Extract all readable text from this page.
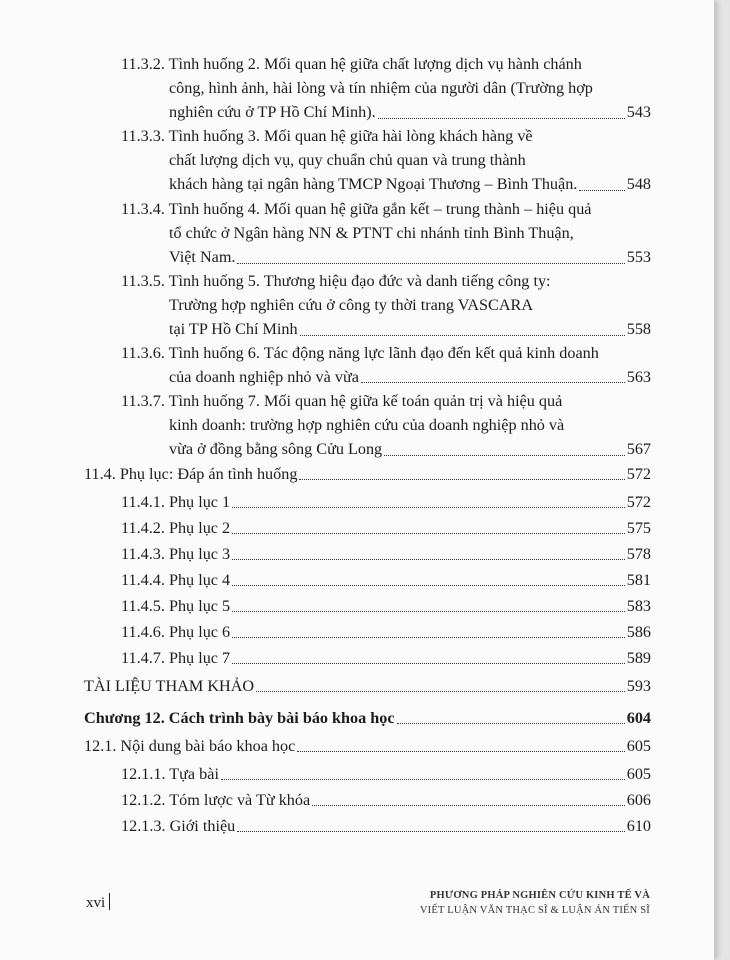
11.3.2. Tình huống 2. Mối quan hệ giữa chất lượng dịch vụ hành chánh
công, hình ảnh, hài lòng và tín nhiệm của người dân (Trường hợp
nghiên cứu ở TP Hồ Chí Minh).	543
11.3.3. Tình huống 3. Mối quan hệ giữa hài lòng khách hàng về
chất lượng dịch vụ, quy chuẩn chủ quan và trung thành
khách hàng tại ngân hàng TMCP Ngoại Thương – Bình Thuận.	548
11.3.4. Tình huống 4. Mối quan hệ giữa gắn kết – trung thành – hiệu quả
tổ chức ở Ngân hàng NN & PTNT chi nhánh tỉnh Bình Thuận,
Việt Nam.	553
11.3.5. Tình huống 5. Thương hiệu đạo đức và danh tiếng công ty:
Trường hợp nghiên cứu ở công ty thời trang VASCARA
tại TP Hồ Chí Minh	558
11.3.6. Tình huống 6. Tác động năng lực lãnh đạo đến kết quả kinh doanh
của doanh nghiệp nhỏ và vừa	563
11.3.7. Tình huống 7. Mối quan hệ giữa kế toán quản trị và hiệu quả
kinh doanh: trường hợp nghiên cứu của doanh nghiệp nhỏ và
vừa ở đồng bằng sông Cửu Long	567
11.4. Phụ lục: Đáp án tình huống	572
11.4.1. Phụ lục 1	572
11.4.2. Phụ lục 2	575
11.4.3. Phụ lục 3	578
11.4.4. Phụ lục 4	581
11.4.5. Phụ lục 5	583
11.4.6. Phụ lục 6	586
11.4.7. Phụ lục 7	589
TÀI LIỆU THAM KHẢO	593
Chương 12. Cách trình bày bài báo khoa học	604
12.1. Nội dung bài báo khoa học	605
12.1.1. Tựa bài	605
12.1.2. Tóm lược và Từ khóa	606
12.1.3. Giới thiệu	610
xvi	PHƯƠNG PHÁP NGHIÊN CỨU KINH TẾ VÀ
VIẾT LUẬN VĂN THẠC SĨ & LUẬN ÁN TIẾN SĨ
